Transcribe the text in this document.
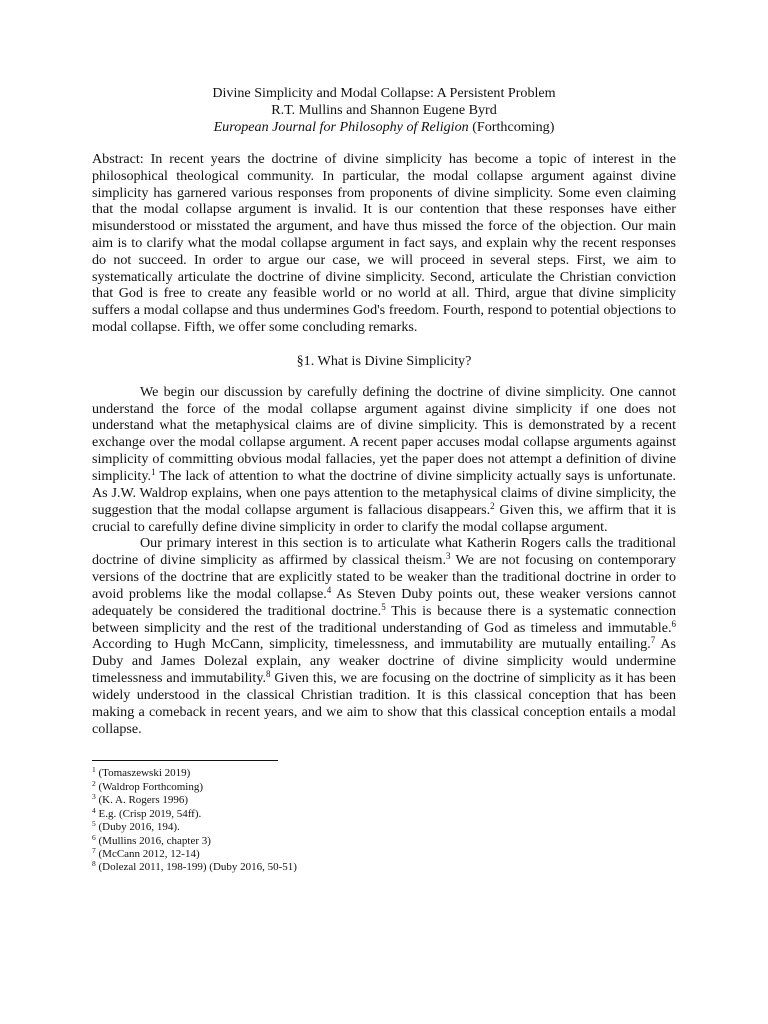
Divine Simplicity and Modal Collapse: A Persistent Problem
R.T. Mullins and Shannon Eugene Byrd
European Journal for Philosophy of Religion (Forthcoming)

Abstract: In recent years the doctrine of divine simplicity has become a topic of interest in the philosophical theological community. In particular, the modal collapse argument against divine simplicity has garnered various responses from proponents of divine simplicity. Some even claiming that the modal collapse argument is invalid. It is our contention that these responses have either misunderstood or misstated the argument, and have thus missed the force of the objection. Our main aim is to clarify what the modal collapse argument in fact says, and explain why the recent responses do not succeed. In order to argue our case, we will proceed in several steps. First, we aim to systematically articulate the doctrine of divine simplicity. Second, articulate the Christian conviction that God is free to create any feasible world or no world at all. Third, argue that divine simplicity suffers a modal collapse and thus undermines God's freedom. Fourth, respond to potential objections to modal collapse. Fifth, we offer some concluding remarks.

§1. What is Divine Simplicity?

We begin our discussion by carefully defining the doctrine of divine simplicity. One cannot understand the force of the modal collapse argument against divine simplicity if one does not understand what the metaphysical claims are of divine simplicity. This is demonstrated by a recent exchange over the modal collapse argument. A recent paper accuses modal collapse arguments against simplicity of committing obvious modal fallacies, yet the paper does not attempt a definition of divine simplicity.$^1$ The lack of attention to what the doctrine of divine simplicity actually says is unfortunate. As J.W. Waldrop explains, when one pays attention to the metaphysical claims of divine simplicity, the suggestion that the modal collapse argument is fallacious disappears.$^2$ Given this, we affirm that it is crucial to carefully define divine simplicity in order to clarify the modal collapse argument.

Our primary interest in this section is to articulate what Katherin Rogers calls the traditional doctrine of divine simplicity as affirmed by classical theism.$^3$ We are not focusing on contemporary versions of the doctrine that are explicitly stated to be weaker than the traditional doctrine in order to avoid problems like the modal collapse.$^4$ As Steven Duby points out, these weaker versions cannot adequately be considered the traditional doctrine.$^5$ This is because there is a systematic connection between simplicity and the rest of the traditional understanding of God as timeless and immutable.$^6$ According to Hugh McCann, simplicity, timelessness, and immutability are mutually entailing.$^7$ As Duby and James Dolezal explain, any weaker doctrine of divine simplicity would undermine timelessness and immutability.$^8$ Given this, we are focusing on the doctrine of simplicity as it has been widely understood in the classical Christian tradition. It is this classical conception that has been making a comeback in recent years, and we aim to show that this classical conception entails a modal collapse.

$^1$ (Tomaszewski 2019)
$^2$ (Waldrop Forthcoming)
$^3$ (K. A. Rogers 1996)
$^4$ E.g. (Crisp 2019, 54ff).
$^5$ (Duby 2016, 194).
$^6$ (Mullins 2016, chapter 3)
$^7$ (McCann 2012, 12-14)
$^8$ (Dolezal 2011, 198-199) (Duby 2016, 50-51)
